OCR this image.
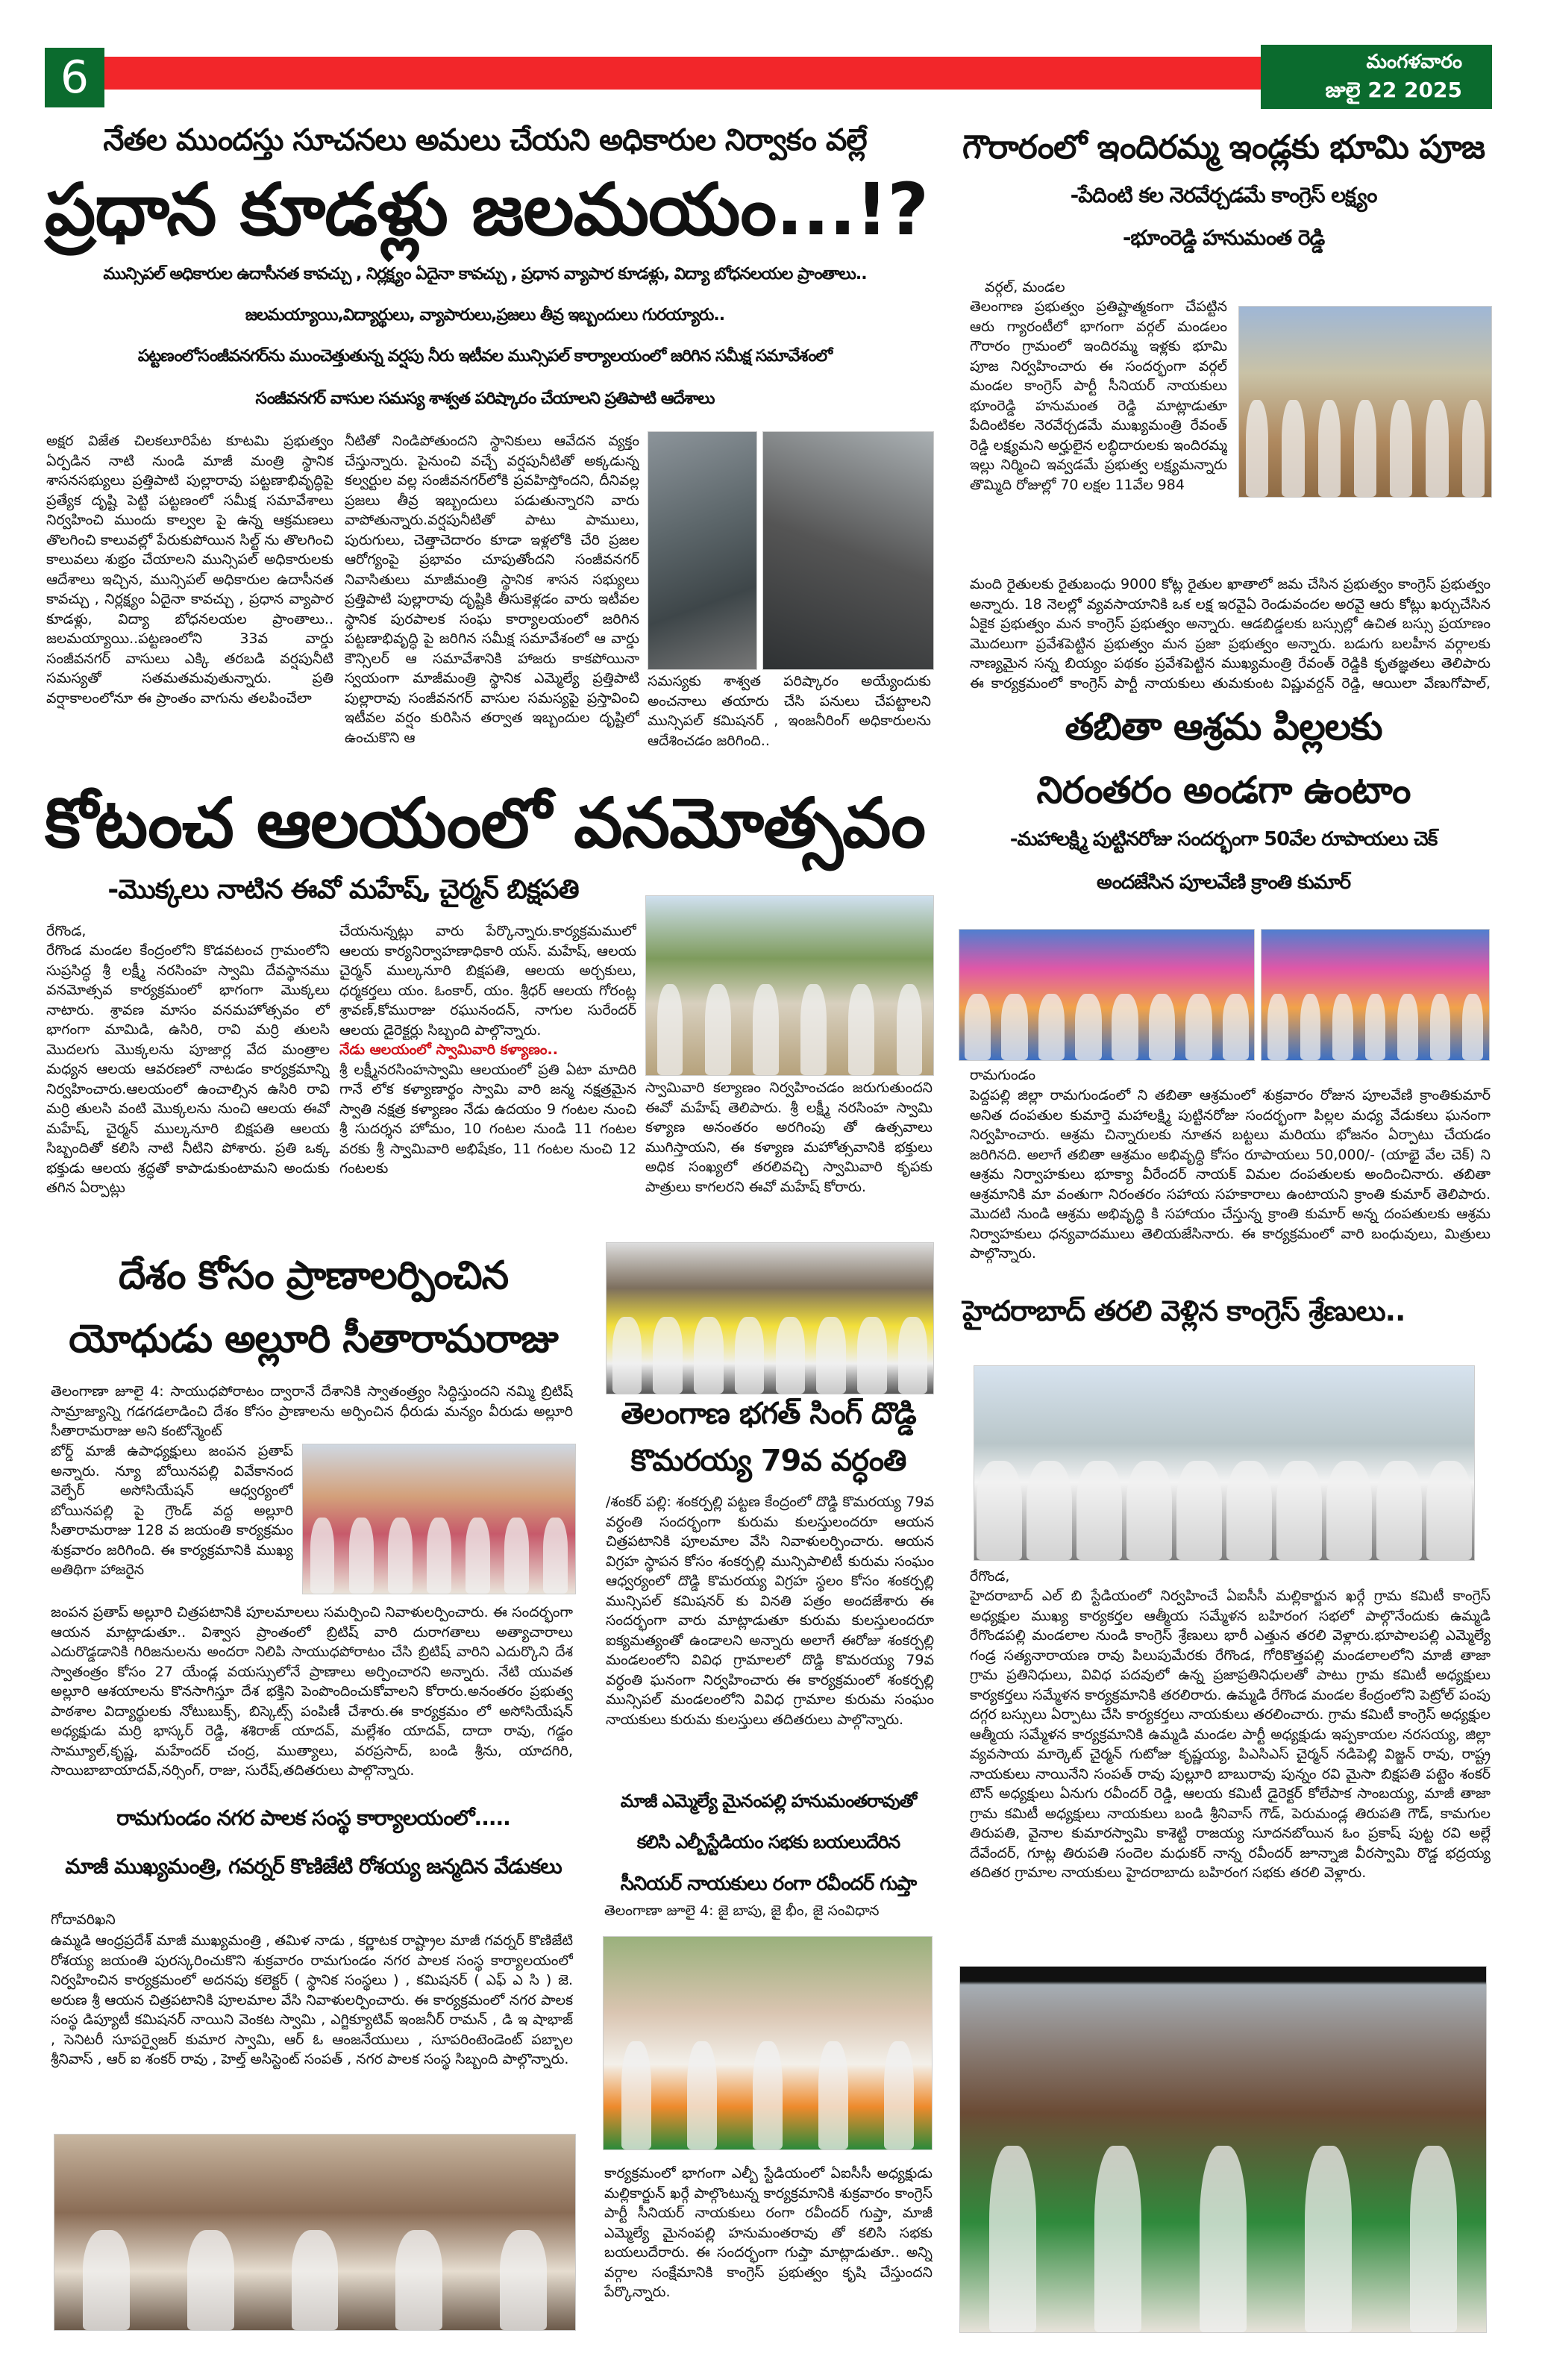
6	మంగళవారం
జులై 22 2025
నేతల ముందస్తు సూచనలు అమలు చేయని అధికారుల నిర్వాకం వల్లే
ప్రధాన కూడళ్లు జలమయం...!?
మున్సిపల్ అధికారుల ఉదాసీనత కావచ్చు , నిర్లక్ష్యం ఏదైనా కావచ్చు , ప్రధాన వ్యాపార కూడళ్లు, విద్యా బోధనలయల ప్రాంతాలు..
జలమయ్యాయి,విద్యార్థులు, వ్యాపారులు,ప్రజలు తీవ్ర ఇబ్బందులు గురయ్యారు..
పట్టణంలోసంజీవనగర్‌ను ముంచెత్తుతున్న వర్షపు నీరు ఇటీవల మున్సిపల్ కార్యాలయంలో జరిగిన సమీక్ష సమావేశంలో
సంజీవనగర్ వాసుల సమస్య శాశ్వత పరిష్కారం చేయాలని ప్రతిపాటి ఆదేశాలు
అక్షర విజేత చిలకలూరిపేట కూటమి ప్రభుత్వం ఏర్పడిన నాటి నుండి మాజీ మంత్రి స్థానిక శాసనసభ్యులు ప్రత్తిపాటి పుల్లారావు పట్టణాభివృద్ధిపై ప్రత్యేక దృష్టి పెట్టి పట్టణంలో సమీక్ష సమావేశాలు నిర్వహించి ముందు కాల్వల పై ఉన్న ఆక్రమణలు తొలగించి కాలువల్లో పేరుకుపోయిన సిల్ట్ ను తొలగించి కాలువలు శుభ్రం చేయాలని మున్సిపల్ అధికారులకు ఆదేశాలు ఇచ్చిన, మున్సిపల్ అధికారుల ఉదాసీనత కావచ్చు , నిర్లక్ష్యం ఏదైనా కావచ్చు , ప్రధాన వ్యాపార కూడళ్లు, విద్యా బోధనలయల ప్రాంతాలు.. జలమయ్యాయి..పట్టణంలోని 33వ వార్డు సంజీవనగర్ వాసులు ఎక్కి తరబడి వర్షపునీటి సమస్యతో సతమతమవుతున్నారు. ప్రతి వర్షాకాలంలోనూ ఈ ప్రాంతం వాగును తలపించేలా
నీటితో నిండిపోతుందని స్థానికులు ఆవేదన వ్యక్తం చేస్తున్నారు. పైనుంచి వచ్చే వర్షపునీటితో అక్కడున్న కల్వర్టుల వల్ల సంజీవనగర్‌లోకి ప్రవహిస్తోందని, దీనివల్ల ప్రజలు తీవ్ర ఇబ్బందులు పడుతున్నారని వారు వాపోతున్నారు.వర్షపునీటితో పాటు పాములు, పురుగులు, చెత్తాచెదారం కూడా ఇళ్లలోకి చేరి ప్రజల ఆరోగ్యంపై ప్రభావం చూపుతోందని సంజీవనగర్ నివాసితులు మాజీమంత్రి స్థానిక శాసన సభ్యులు ప్రత్తిపాటి పుల్లారావు దృష్టికి తీసుకెళ్లడం వారు ఇటీవల స్థానిక పురపాలక సంఘ కార్యాలయంలో జరిగిన పట్టణాభివృద్ధి పై జరిగిన సమీక్ష సమావేశంలో ఆ వార్డు కౌన్సిలర్ ఆ సమావేశానికి హాజరు కాకపోయినా స్వయంగా మాజీమంత్రి స్థానిక ఎమ్మెల్యే ప్రత్తిపాటి పుల్లారావు సంజీవనగర్ వాసుల సమస్యపై ప్రస్తావించి ఇటీవల వర్షం కురిసిన తర్వాత ఇబ్బందుల దృష్టిలో ఉంచుకొని ఆ
సమస్యకు శాశ్వత పరిష్కారం అయ్యేందుకు అంచనాలు తయారు చేసి పనులు చేపట్టాలని మున్సిపల్ కమిషనర్ , ఇంజనీరింగ్ అధికారులను ఆదేశించడం జరిగింది..
గౌరారంలో ఇందిరమ్మ ఇండ్లకు భూమి పూజ
-పేదింటి కల నెరవేర్చడమే కాంగ్రెస్ లక్ష్యం
-భూంరెడ్డి హనుమంత రెడ్డి
వర్గల్, మండల
తెలంగాణ ప్రభుత్వం ప్రతిష్టాత్మకంగా చేపట్టిన ఆరు గ్యారంటీలో భాగంగా వర్గల్ మండలం గౌరారం గ్రామంలో ఇందిరమ్మ ఇళ్లకు భూమి పూజ నిర్వహించారు ఈ సందర్భంగా వర్గల్ మండల కాంగ్రెస్ పార్టీ సీనియర్ నాయకులు భూంరెడ్డి హనుమంత రెడ్డి మాట్లాడుతూ పేదింటికల నెరవేర్చడమే ముఖ్యమంత్రి రేవంత్ రెడ్డి లక్ష్యమని అర్హులైన లబ్ధిదారులకు ఇందిరమ్మ ఇల్లు నిర్మించి ఇవ్వడమే ప్రభుత్వ లక్ష్యమన్నారు తొమ్మిది రోజుల్లో 70 లక్షల 11వేల 984
మంది రైతులకు రైతుబంధు 9000 కోట్ల రైతుల ఖాతాలో జమ చేసిన ప్రభుత్వం కాంగ్రెస్ ప్రభుత్వం అన్నారు. 18 నెలల్లో వ్యవసాయానికి ఒక లక్ష ఇరవైఏ రెండువందల అరవై ఆరు కోట్లు ఖర్చుచేసిన ఏకైక ప్రభుత్వం మన కాంగ్రెస్ ప్రభుత్వం అన్నారు. ఆడబిడ్డలకు బస్సుల్లో ఉచిత బస్సు ప్రయాణం మొదలుగా ప్రవేశపెట్టిన ప్రభుత్వం మన ప్రజా ప్రభుత్వం అన్నారు. బడుగు బలహీన వర్గాలకు నాణ్యమైన సన్న బియ్యం పథకం ప్రవేశపెట్టిన ముఖ్యమంత్రి రేవంత్ రెడ్డికి కృతజ్ఞతలు తెలిపారు ఈ కార్యక్రమంలో కాంగ్రెస్ పార్టీ నాయకులు తుమకుంట విష్ణువర్ధన్ రెడ్డి, ఆయిలా వేణుగోపాల్,
కోటంచ ఆలయంలో వనమోత్సవం
-మొక్కలు నాటిన ఈవో మహేష్, చైర్మన్ బిక్షపతి
రేగొండ,
రేగొండ మండల కేంద్రంలోని కొడవటంచ గ్రామంలోని సుప్రసిద్ధ శ్రీ లక్ష్మీ నరసింహ స్వామి దేవస్థానము వనమోత్సవ కార్యక్రమంలో భాగంగా మొక్కలు నాటారు. శ్రావణ మాసం వనమహోత్సవం లో భాగంగా మామిడి, ఉసిరి, రావి మర్రి తులసి మొదలగు మొక్కలను పూజార్ల వేద మంత్రాల మధ్యన ఆలయ ఆవరణలో నాటడం కార్యక్రమాన్ని నిర్వహించారు.ఆలయంలో ఉంచాల్సిన ఉసిరి రావి మర్రి తులసి వంటి మొక్కలను నుంచి ఆలయ ఈవో మహేష్, చైర్మన్ ముల్కనూరి బిక్షపతి ఆలయ సిబ్బందితో కలిసి నాటి నీటిని పోశారు. ప్రతి ఒక్క భక్తుడు ఆలయ శ్రద్ధతో కాపాడుకుంటామని అందుకు తగిన ఏర్పాట్లు
చేయనున్నట్లు వారు పేర్కొన్నారు.కార్యక్రమములో ఆలయ కార్యనిర్వాహణాధికారి యస్. మహేష్, ఆలయ చైర్మన్ ముల్కనూరి బిక్షపతి, ఆలయ అర్చకులు, ధర్మకర్తలు యం. ఓంకార్, యం. శ్రీధర్ ఆలయ గోరంట్ల శ్రావణ్,కోమురాజు రఘునందన్, నాగుల సురేందర్ ఆలయ డైరెక్టర్లు సిబ్బంది పాల్గొన్నారు.
నేడు ఆలయంలో స్వామివారి కళ్యాణం..
శ్రీ లక్ష్మీనరసింహస్వామి ఆలయంలో ప్రతి ఏటా మాదిరి గానే లోక కళ్యాణార్థం స్వామి వారి జన్మ నక్షత్రమైన స్వాతి నక్షత్ర కళ్యాణం నేడు ఉదయం 9 గంటల నుంచి శ్రీ సుదర్శన హోమం, 10 గంటల నుండి 11 గంటల వరకు శ్రీ స్వామివారి అభిషేకం, 11 గంటల నుంచి 12 గంటలకు
స్వామివారి కల్యాణం నిర్వహించడం జరుగుతుందని ఈవో మహేష్ తెలిపారు. శ్రీ లక్ష్మీ నరసింహ స్వామి కళ్యాణ అనంతరం అరగింపు తో ఉత్సవాలు ముగిస్తాయని, ఈ కళ్యాణ మహోత్సవానికి భక్తులు అధిక సంఖ్యలో తరలివచ్చి స్వామివారి కృపకు పాత్రులు కాగలరని ఈవో మహేష్ కోరారు.
తబితా ఆశ్రమ పిల్లలకు
నిరంతరం అండగా ఉంటాం
-మహాలక్ష్మి పుట్టినరోజు సందర్భంగా 50వేల రూపాయలు చెక్
అందజేసిన పూలవేణి క్రాంతి కుమార్
రామగుండం
పెద్దపల్లి జిల్లా రామగుండంలో ని తబితా ఆశ్రమంలో శుక్రవారం రోజున పూలవేణి క్రాంతికుమార్ అనిత దంపతుల కుమార్తె మహాలక్ష్మి పుట్టినరోజు సందర్భంగా పిల్లల మధ్య వేడుకలు ఘనంగా నిర్వహించారు. ఆశ్రమ చిన్నారులకు నూతన బట్టలు మరియు భోజనం ఏర్పాటు చేయడం జరిగినది. అలాగే తబితా ఆశ్రమం అభివృద్ధి కోసం రూపాయలు 50,000/- (యాభై వేల చెక్) ని ఆశ్రమ నిర్వాహకులు భూక్యా వీరేందర్ నాయక్ విమల దంపతులకు అందించినారు. తబితా ఆశ్రమానికి మా వంతుగా నిరంతరం సహాయ సహకారాలు ఉంటాయని క్రాంతి కుమార్ తెలిపారు. మొదటి నుండి ఆశ్రమ అభివృద్ధి కి సహాయం చేస్తున్న క్రాంతి కుమార్ అన్న దంపతులకు ఆశ్రమ నిర్వాహకులు ధన్యవాదములు తెలియజేసినారు. ఈ కార్యక్రమంలో వారి బంధువులు, మిత్రులు పాల్గొన్నారు.
హైదరాబాద్ తరలి వెళ్లిన కాంగ్రెస్ శ్రేణులు..
రేగొండ,
హైదరాబాద్ ఎల్ బి స్టేడియంలో నిర్వహించే ఏఐసీసీ మల్లికార్జున ఖర్గే గ్రామ కమిటీ కాంగ్రెస్ అధ్యక్షుల ముఖ్య కార్యకర్తల ఆత్మీయ సమ్మేళన బహిరంగ సభలో పాల్గొనేందుకు ఉమ్మడి రేగొండపల్లి మండలాల నుండి కాంగ్రెస్ శ్రేణులు భారీ ఎత్తున తరలి వెళ్లారు.భూపాలపల్లి ఎమ్మెల్యే గండ్ర సత్యనారాయణ రావు పిలుపుమేరకు రేగొండ, గోరికొత్తపల్లి మండలాలలోని మాజీ తాజా గ్రామ ప్రతినిధులు, వివిధ పదవులో ఉన్న ప్రజాప్రతినిధులతో పాటు గ్రామ కమిటీ అధ్యక్షులు కార్యకర్తలు సమ్మేళన కార్యక్రమానికి తరలిరారు. ఉమ్మడి రేగొండ మండల కేంద్రంలోని పెట్రోల్ పంపు దగ్గర బస్సులు ఏర్పాటు చేసి కార్యకర్తలు నాయకులు తరలించారు. గ్రామ కమిటీ కాంగ్రెస్ అధ్యక్షుల ఆత్మీయ సమ్మేళన కార్యక్రమానికి ఉమ్మడి మండల పార్టీ అధ్యక్షుడు ఇప్పకాయల నరసయ్య, జిల్లా వ్యవసాయ మార్కెట్ చైర్మన్ గుటోజు కృష్ణయ్య, పిఎసిఎస్ చైర్మన్ నడిపెల్లి విజ్జన్ రావు, రాష్ట్ర నాయకులు నాయినేని సంపత్ రావు పుల్లూరి బాబురావు పున్నం రవి మైసా బిక్షపతి పట్టెం శంకర్ టౌన్ అధ్యక్షులు ఏనుగు రవీందర్ రెడ్డి, ఆలయ కమిటీ డైరెక్టర్ కోలేపాక సాంబయ్య, మాజీ తాజా గ్రామ కమిటీ అధ్యక్షులు నాయకులు బండి శ్రీనివాస్ గౌడ్, పెరుమండ్ల తిరుపతి గౌడ్, కామగుల తిరుపతి, వైనాల కుమారస్వామి కాశెట్టి రాజయ్య సూదనబోయిన ఓం ప్రకాష్ పుట్ట రవి అల్లే దేవేందర్, గూట్ల తిరుపతి సందెల మధుకర్ నాన్న రవీందర్ జూన్నాజి వీరస్వామి రొడ్డ భద్రయ్య తదితర గ్రామాల నాయకులు హైదరాబాదు బహిరంగ సభకు తరలి వెళ్లారు.
దేశం కోసం ప్రాణాలర్పించిన
యోధుడు అల్లూరి సీతారామరాజు
తెలంగాణా జూలై 4: సాయుధపోరాటం ద్వారానే దేశానికి స్వాతంత్ర్యం సిద్ధిస్తుందని నమ్మి బ్రిటిష్ సామ్రాజ్యాన్ని గడగడలాడించి దేశం కోసం ప్రాణాలను అర్పించిన ధీరుడు మన్యం వీరుడు అల్లూరి సీతారామరాజు అని కంటోన్మెంట్
బోర్డ్ మాజీ ఉపాధ్యక్షులు జంపన ప్రతాప్ అన్నారు. న్యూ బోయినపల్లి వివేకానంద వెల్ఫేర్ అసోసియేషన్ ఆధ్వర్యంలో బోయినపల్లి పై గ్రౌండ్ వద్ద అల్లూరి సీతారామరాజు 128 వ జయంతి కార్యక్రమం శుక్రవారం జరిగింది. ఈ కార్యక్రమానికి ముఖ్య అతిథిగా హాజరైన
జంపన ప్రతాప్ అల్లూరి చిత్రపటానికి పూలమాలలు సమర్పించి నివాళులర్పించారు. ఈ సందర్భంగా ఆయన మాట్లాడుతూ.. విశ్వాస ప్రాంతంలో బ్రిటిష్ వారి దురాగతాలు అత్యాచారాలు ఎదురొడ్డడానికి గిరిజనులను అందరా నిలిపి సాయుధపోరాటం చేసి బ్రిటిష్ వారిని ఎదుర్కొని దేశ స్వాతంత్రం కోసం 27 యేండ్ల వయస్సులోనే ప్రాణాలు అర్పించారని అన్నారు. నేటి యువత అల్లూరి ఆశయాలను కొనసాగిస్తూ దేశ భక్తిని పెంపొందించుకోవాలని కోరారు.అనంతరం ప్రభుత్వ పాఠశాల విద్యార్థులకు నోటుబుక్స్, బిస్కెట్స్ పంపిణీ చేశారు.ఈ కార్యక్రమం లో అసోసియేషన్ అధ్యక్షుడు మర్రి భాస్కర్ రెడ్డి, శశిరాజ్ యాదవ్, మల్లేశం యాదవ్, దాదా రావు, గడ్డం సామ్యూల్,కృష్ణ, మహేందర్ చంద్ర, ముత్యాలు, వరప్రసాద్, బండి శ్రీను, యాదగిరి, సాయిబాబాయాదవ్,నర్సింగ్, రాజు, సురేష్,తదితరులు పాల్గొన్నారు.
తెలంగాణ భగత్ సింగ్ దొడ్డి
కొమరయ్య 79వ వర్ధంతి
/శంకర్ పల్లి: శంకర్పల్లి పట్టణ కేంద్రంలో దొడ్డి కొమరయ్య 79వ వర్ధంతి సందర్భంగా కురుమ కులస్తులందరూ ఆయన చిత్రపటానికి పూలమాల వేసి నివాళులర్పించారు. ఆయన విగ్రహ స్థాపన కోసం శంకర్పల్లి మున్సిపాలిటీ కురుమ సంఘం ఆధ్వర్యంలో దొడ్డి కొమరయ్య విగ్రహ స్థలం కోసం శంకర్పల్లి మున్సిపల్ కమిషనర్ కు వినతి పత్రం అందజేశారు ఈ సందర్భంగా వారు మాట్లాడుతూ కురుమ కులస్తులందరూ ఐక్యమత్యంతో ఉండాలని అన్నారు అలాగే ఈరోజు శంకర్పల్లి మండలంలోని వివిధ గ్రామాలలో దొడ్డి కొమరయ్య 79వ వర్ధంతి ఘనంగా నిర్వహించారు ఈ కార్యక్రమంలో శంకర్పల్లి మున్సిపల్ మండలంలోని వివిధ గ్రామాల కురుమ సంఘం నాయకులు కురుమ కులస్తులు తదితరులు పాల్గొన్నారు.
రామగుండం నగర పాలక సంస్థ కార్యాలయంలో.....
మాజీ ముఖ్యమంత్రి, గవర్నర్ కొణిజేటి రోశయ్య జన్మదిన వేడుకలు
గోదావరిఖని
ఉమ్మడి ఆంధ్రప్రదేశ్ మాజీ ముఖ్యమంత్రి , తమిళ నాడు , కర్ణాటక రాష్ట్రాల మాజీ గవర్నర్ కొణిజేటి రోశయ్య జయంతి పురస్కరించుకొని శుక్రవారం రామగుండం నగర పాలక సంస్థ కార్యాలయంలో నిర్వహించిన కార్యక్రమంలో అదనపు కలెక్టర్ ( స్థానిక సంస్థలు ) , కమిషనర్ ( ఎఫ్ ఎ సి ) జె. అరుణ శ్రీ ఆయన చిత్రపటానికి పూలమాల వేసి నివాళులర్పించారు. ఈ కార్యక్రమంలో నగర పాలక సంస్థ డిప్యూటీ కమిషనర్ నాయిని వెంకట స్వామి , ఎగ్జిక్యూటివ్ ఇంజనీర్ రామన్ , డి ఇ షాభాజ్ , సెనిటరీ సూపర్వైజర్ కుమార స్వామి, ఆర్ ఓ ఆంజనేయులు , సూపరింటెండెంట్ పబ్బాల శ్రీనివాస్ , ఆర్ ఐ శంకర్ రావు , హెల్త్ అసిస్టెంట్ సంపత్ , నగర పాలక సంస్థ సిబ్బంది పాల్గొన్నారు.
మాజీ ఎమ్మెల్యే మైనంపల్లి హనుమంతరావుతో
కలిసి ఎల్బీస్టేడియం సభకు బయలుదేరిన
సీనియర్ నాయకులు రంగా రవీందర్ గుప్తా
తెలంగాణా జూలై 4: జై బాపు, జై భీం, జై సంవిధాన
కార్యక్రమంలో భాగంగా ఎల్బీ స్టేడియంలో ఏఐసీసీ అధ్యక్షుడు మల్లికార్జున్ ఖర్గే పాల్గొంటున్న కార్యక్రమానికి శుక్రవారం కాంగ్రెస్ పార్టీ సీనియర్ నాయకులు రంగా రవీందర్ గుప్తా, మాజీ ఎమ్మెల్యే మైనంపల్లి హనుమంతరావు తో కలిసి సభకు బయలుదేరారు. ఈ సందర్భంగా గుప్తా మాట్లాడుతూ.. అన్ని వర్గాల సంక్షేమానికి కాంగ్రెస్ ప్రభుత్వం కృషి చేస్తుందని పేర్కొన్నారు.
